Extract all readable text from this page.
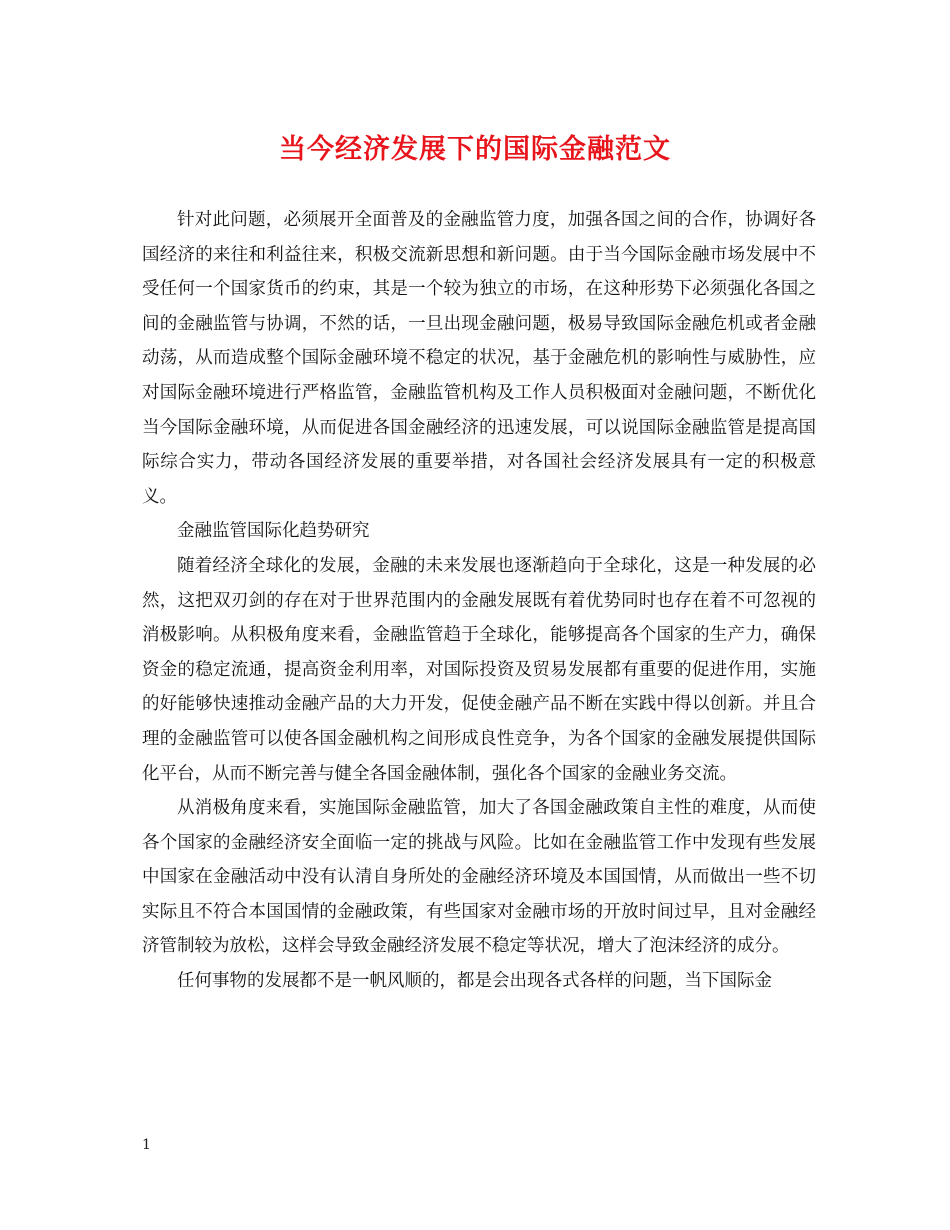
当今经济发展下的国际金融范文

针对此问题，必须展开全面普及的金融监管力度，加强各国之间的合作，协调好各国经济的来往和利益往来，积极交流新思想和新问题。由于当今国际金融市场发展中不受任何一个国家货币的约束，其是一个较为独立的市场，在这种形势下必须强化各国之间的金融监管与协调，不然的话，一旦出现金融问题，极易导致国际金融危机或者金融动荡，从而造成整个国际金融环境不稳定的状况，基于金融危机的影响性与威胁性，应对国际金融环境进行严格监管，金融监管机构及工作人员积极面对金融问题，不断优化当今国际金融环境，从而促进各国金融经济的迅速发展，可以说国际金融监管是提高国际综合实力，带动各国经济发展的重要举措，对各国社会经济发展具有一定的积极意义。

金融监管国际化趋势研究

随着经济全球化的发展，金融的未来发展也逐渐趋向于全球化，这是一种发展的必然，这把双刃剑的存在对于世界范围内的金融发展既有着优势同时也存在着不可忽视的消极影响。从积极角度来看，金融监管趋于全球化，能够提高各个国家的生产力，确保资金的稳定流通，提高资金利用率，对国际投资及贸易发展都有重要的促进作用，实施的好能够快速推动金融产品的大力开发，促使金融产品不断在实践中得以创新。并且合理的金融监管可以使各国金融机构之间形成良性竞争，为各个国家的金融发展提供国际化平台，从而不断完善与健全各国金融体制，强化各个国家的金融业务交流。

从消极角度来看，实施国际金融监管，加大了各国金融政策自主性的难度，从而使各个国家的金融经济安全面临一定的挑战与风险。比如在金融监管工作中发现有些发展中国家在金融活动中没有认清自身所处的金融经济环境及本国国情，从而做出一些不切实际且不符合本国国情的金融政策，有些国家对金融市场的开放时间过早，且对金融经济管制较为放松，这样会导致金融经济发展不稳定等状况，增大了泡沫经济的成分。

任何事物的发展都不是一帆风顺的，都是会出现各式各样的问题，当下国际金

1
